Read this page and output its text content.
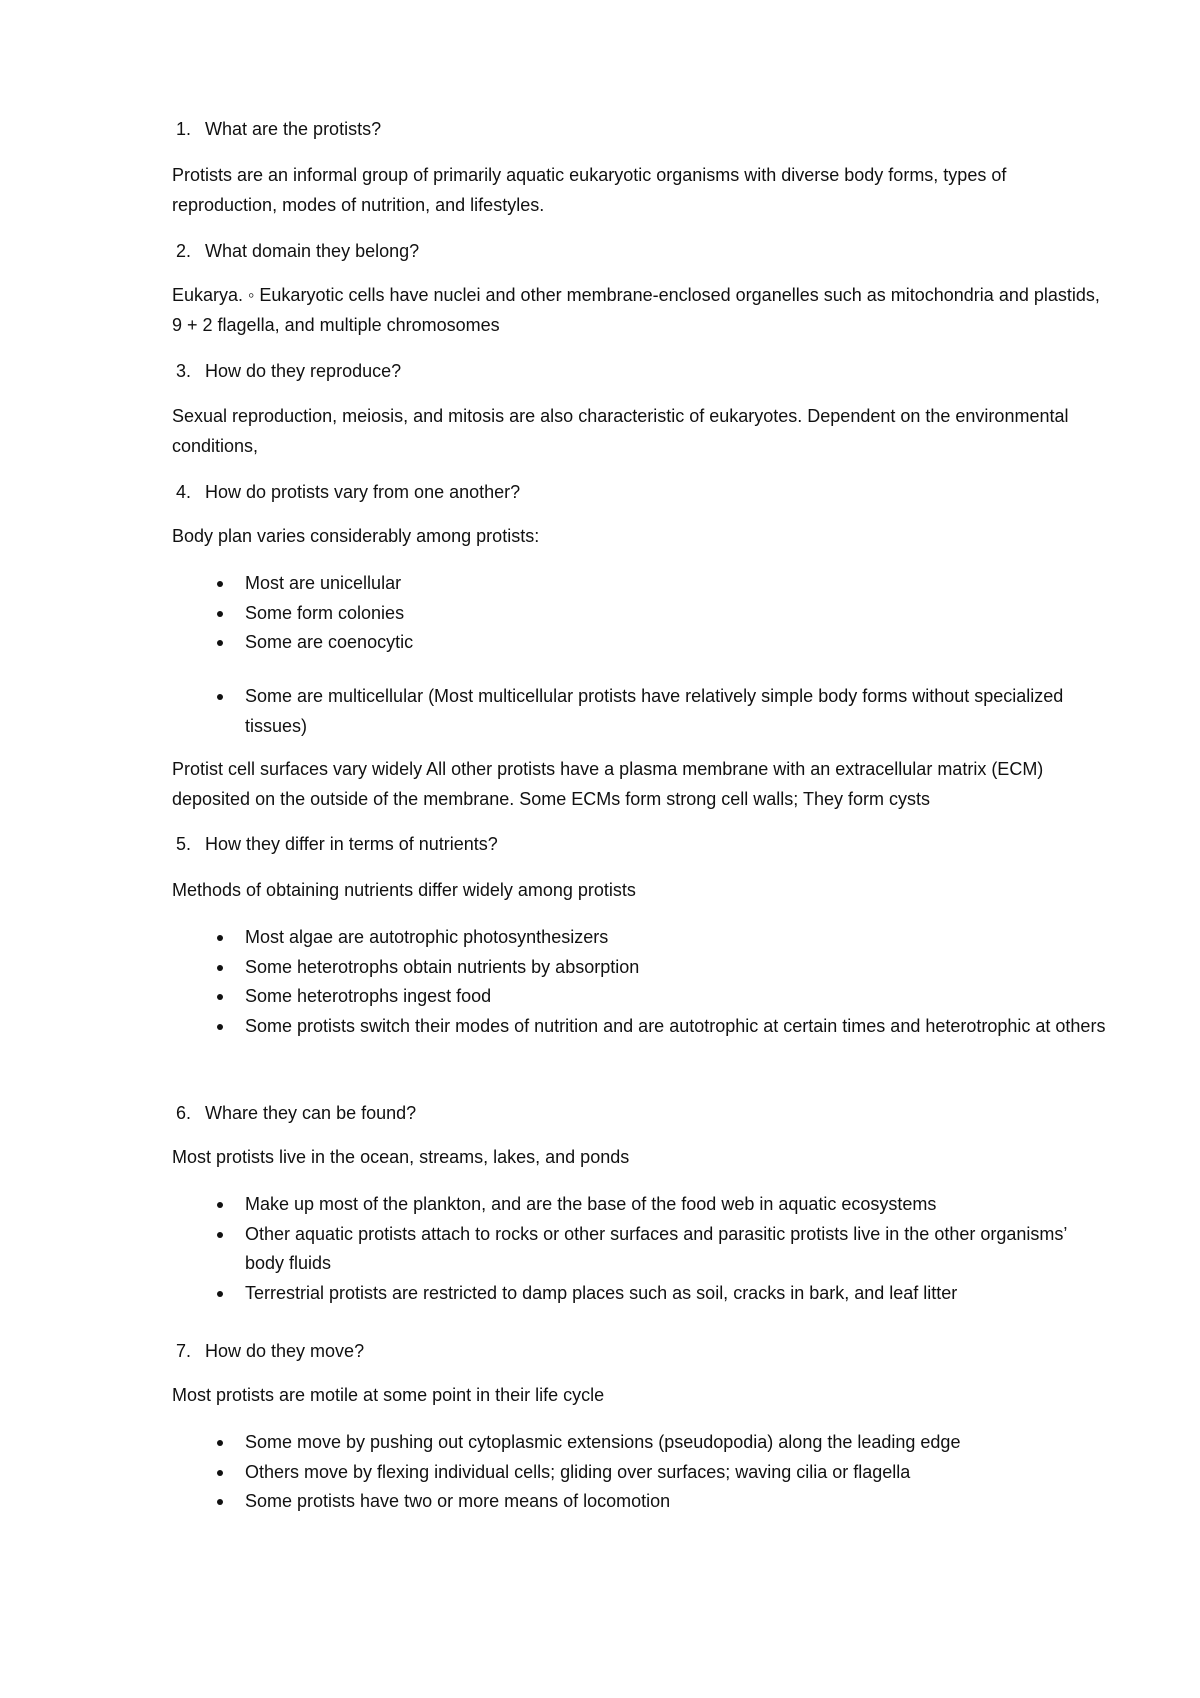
1. What are the protists?
Protists are an informal group of primarily aquatic eukaryotic organisms with diverse body forms, types of reproduction, modes of nutrition, and lifestyles.
2. What domain they belong?
Eukarya. ◦ Eukaryotic cells have nuclei and other membrane-enclosed organelles such as mitochondria and plastids, 9 + 2 flagella, and multiple chromosomes
3. How do they reproduce?
Sexual reproduction, meiosis, and mitosis are also characteristic of eukaryotes. Dependent on the environmental conditions,
4. How do protists vary from one another?
Body plan varies considerably among protists:
Most are unicellular
Some form colonies
Some are coenocytic
Some are multicellular (Most multicellular protists have relatively simple body forms without specialized tissues)
Protist cell surfaces vary widely All other protists have a plasma membrane with an extracellular matrix (ECM) deposited on the outside of the membrane. Some ECMs form strong cell walls; They form cysts
5. How they differ in terms of nutrients?
Methods of obtaining nutrients differ widely among protists
Most algae are autotrophic photosynthesizers
Some heterotrophs obtain nutrients by absorption
Some heterotrophs ingest food
Some protists switch their modes of nutrition and are autotrophic at certain times and heterotrophic at others
6. Whare they can be found?
Most protists live in the ocean, streams, lakes, and ponds
Make up most of the plankton, and are the base of the food web in aquatic ecosystems
Other aquatic protists attach to rocks or other surfaces and parasitic protists live in the other organisms’ body fluids
Terrestrial protists are restricted to damp places such as soil, cracks in bark, and leaf litter
7. How do they move?
Most protists are motile at some point in their life cycle
Some move by pushing out cytoplasmic extensions (pseudopodia) along the leading edge
Others move by flexing individual cells; gliding over surfaces; waving cilia or flagella
Some protists have two or more means of locomotion
